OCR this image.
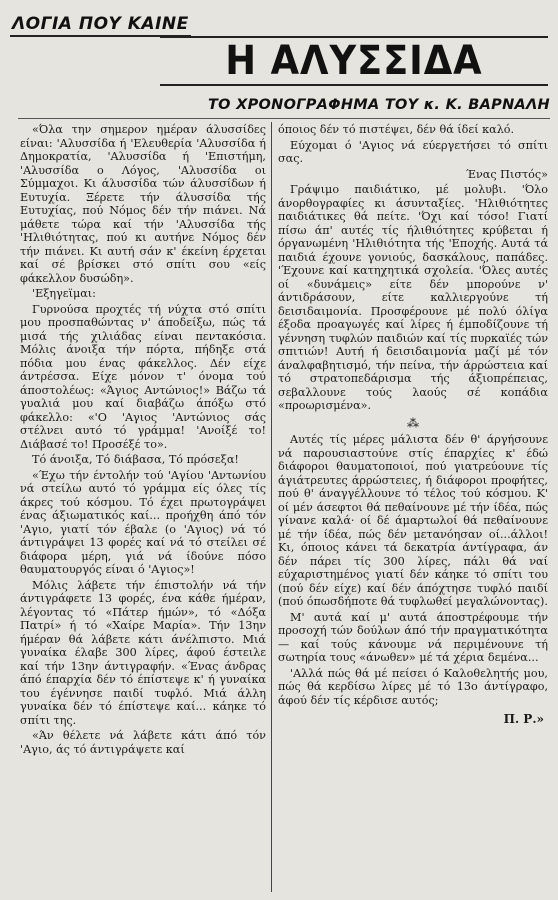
ΛΟΓΙΑ ΠΟΥ ΚΑΙΝΕ
Η ΑΛΥΣΣΙΔΑ
ΤΟ ΧΡΟΝΟΓΡΑΦΗΜΑ ΤΟΥ κ. Κ. ΒΑΡΝΑΛΗ

«Όλα την σημερον ημέραν άλυσσίδες είναι: 'Αλυσσίδα ή 'Ελευθερία 'Αλυσσίδα ή Δημοκρατία, 'Αλυσσίδα ή 'Επιστήμη, 'Αλυσσίδα ο Λόγος, 'Αλυσσίδα οι Σύμμαχοι. Κι άλυσσίδα τών άλυσσίδων ή Ευτυχία. Ξέρετε τήν άλυσσίδα τής Ευτυχίας, πού Νόμος δέν τήν πιάνει. Νά μάθετε τώρα καί τήν 'Αλυσσίδα τής 'Ηλιθιότητας, πού κι αυτήνε Νόμος δέν τήν πιάνει. Κι αυτή σάν κ' έκείνη έρχεται καί σέ βρίσκει στό σπίτι σου «είς φάκελλον δυσώδη».

'Εξηγεϊμαι:

Γυρνούσα προχτές τή νύχτα στό σπίτι μου προσπαθώντας ν' άποδείξω, πώς τά μισά τής χιλιάδας είναι πεντακόσια. Μόλις άνοιξα τήν πόρτα, πήδηξε στά πόδια μου ένας φάκελλος. Δέν είχε άντρέσσα. Είχε μόνον τ' όνομα τού άποστολέως: «Άγιος Αντώνιος!» Βάζω τά γυαλιά μου καί διαβάζω άπόξω στό φάκελλο: «'Ο 'Αγιος 'Αντώνιος σάς στέλνει αυτό τό γράμμα! 'Ανοίξέ το! Διάβασέ το! Προσέξέ το».

Τό άνοιξα, Τό διάβασα, Τό πρόσεξα!

«Έχω τήν έντολήν τού 'Αγίου 'Αντωνίου νά στείλω αυτό τό γράμμα είς όλες τίς άκρες τού κόσμου. Τό έχει πρωτογράψει ένας άξιωματικός καί... προήχθη άπό τόν 'Αγιο, γιατί τόν έβαλε (ο 'Αγιος) νά τό άντιγράψει 13 φορές καί νά τό στείλει σέ διάφορα μέρη, γιά νά ίδούνε πόσο θαυματουργός είναι ό 'Αγιος»!

Μόλις λάβετε τήν έπιστολήν νά τήν άντιγράφετε 13 φορές, ένα κάθε ήμέραν, λέγοντας τό «Πάτερ ήμών», τό «Δόξα Πατρί» ή τό «Χαίρε Μαρία». Τήν 13ην ήμέραν θά λάβετε κάτι άνέλπιστο. Μιά γυναίκα έλαβε 300 λίρες, άφού έστειλε καί τήν 13ην άντιγραφήν. «Ένας άνδρας άπό έπαρχία δέν τό έπίστεψε κ' ή γυναίκα του έγέννησε παιδί τυφλό. Μιά άλλη γυναίκα δέν τό έπίστεψε καί... κάηκε τό σπίτι της.

«Άν θέλετε νά λάβετε κάτι άπό τόν 'Αγιο, άς τό άντιγράψετε καί

όποιος δέν τό πιστέψει, δέν θά ίδεί καλό.

Εύχομαι ό 'Αγιος νά εύεργετήσει τό σπίτι σας.

Ένας Πιστός»

Γράψιμο παιδιάτικο, μέ μολυβι. 'Όλο άνορθογραφίες κι άσυνταξίες. 'Ηλιθιότητες παιδιάτικες θά πείτε. 'Όχι καί τόσο! Γιατί πίσω άπ' αυτές τίς ήλιθιότητες κρύβεται ή όργανωμένη 'Ηλιθιότητα τής 'Εποχής. Αυτά τά παιδιά έχουνε γονιούς, δασκάλους, παπάδες. 'Έχουνε καί κατηχητικά σχολεία. 'Όλες αυτές οί «δυνάμεις» είτε δέν μπορούνε ν' άντιδράσουν, είτε καλλιεργούνε τή δεισιδαιμονία. Προσφέρουνε μέ πολύ όλίγα έξοδα προαγωγές καί λίρες ή έμποδίζουνε τή γέννηση τυφλών παιδιών καί τίς πυρκαϊές τών σπιτιών! Αυτή ή δεισιδαιμονία μαζί μέ τόν άναλφαβητισμό, τήν πείνα, τήν άρρώστεια καί τό στρατοπεδάρισμα τής άξιοπρέπειας, σεβαλλουνε τούς λαούς σέ κοπάδια «προωρισμένα».

⁂

Αυτές τίς μέρες μάλιστα δέν θ' άργήσουνε νά παρουσιαστούνε στίς έπαρχίες κ' έδώ διάφοροι θαυματοποιοί, πού γιατρεύουνε τίς άγιάτρευτες άρρώστειες, ή διάφοροι προφήτες, πού θ' άναγγέλλουνε τό τέλος τού κόσμου. Κ' οί μέν άσεφτοι θά πεθαίνουνε μέ τήν ίδέα, πώς γίνανε καλά· οί δέ άμαρτωλοί θά πεθαίνουνε μέ τήν ίδέα, πώς δέν μετανόησαν οί...άλλοι! Κι, όποιος κάνει τά δεκατρία άντίγραφα, άν δέν πάρει τίς 300 λίρες, πάλι θά ναί εύχαριστημένος γιατί δέν κάηκε τό σπίτι του (πού δέν είχε) καί δέν άπόχτησε τυφλό παιδί (πού όπωσδήποτε θά τυφλωθεί μεγαλώνοντας).

Μ' αυτά καί μ' αυτά άποστρέφουμε τήν προσοχή τών δούλων άπό τήν πραγματικότητα — καί τούς κάνουμε νά περιμένουνε τή σωτηρία τους «άνωθεν» μέ τά χέρια δεμένα...

'Αλλά πώς θά μέ πείσει ό Καλοθελητής μου, πώς θά κερδίσω λίρες μέ τό 13ο άντίγραφο, άφού δέν τίς κέρδισε αυτός;

Π. Ρ.»
